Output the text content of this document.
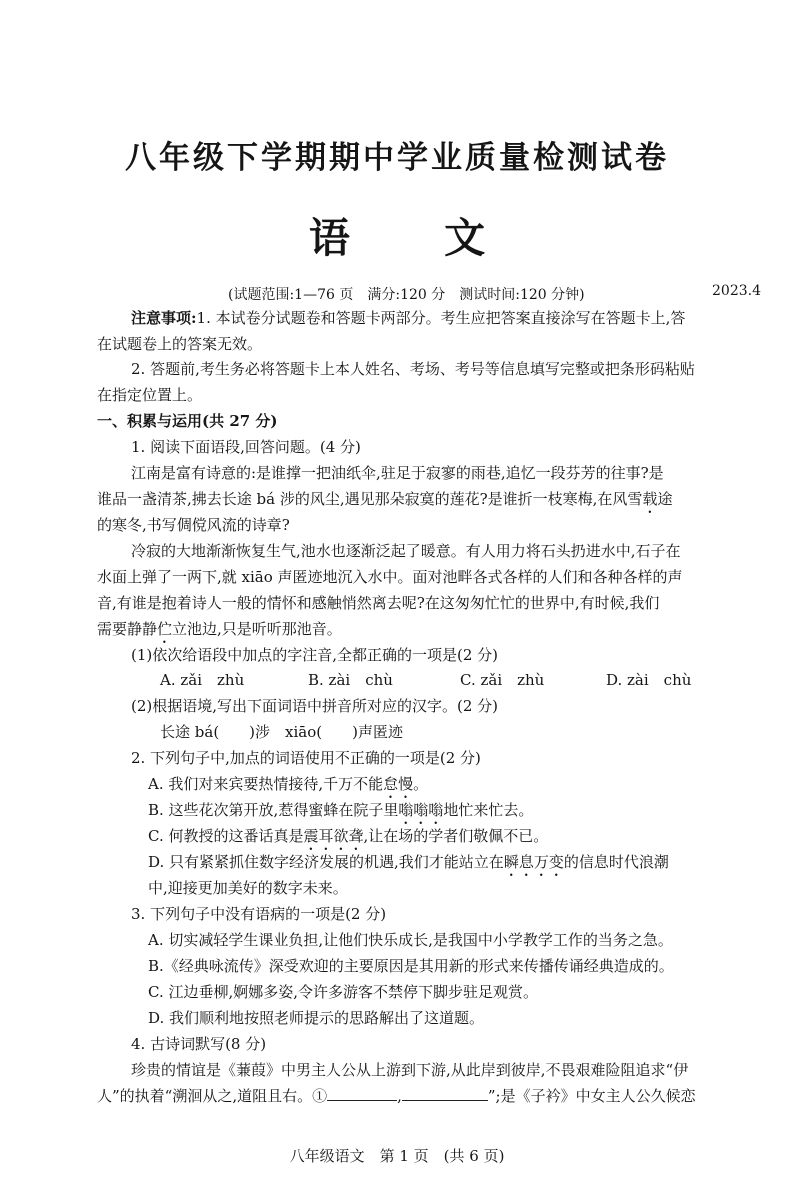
八年级下学期期中学业质量检测试卷
语 文
(试题范围:1—76 页　满分:120 分　测试时间:120 分钟)	2023.4
注意事项:1. 本试卷分试题卷和答题卡两部分。考生应把答案直接涂写在答题卡上,答
在试题卷上的答案无效。
2. 答题前,考生务必将答题卡上本人姓名、考场、考号等信息填写完整或把条形码粘贴
在指定位置上。
一、积累与运用(共 27 分)
1. 阅读下面语段,回答问题。(4 分)
江南是富有诗意的:是谁撑一把油纸伞,驻足于寂寥的雨巷,追忆一段芬芳的往事?是
谁品一盏清茶,拂去长途 bá 涉的风尘,遇见那朵寂寞的莲花?是谁折一枝寒梅,在风雪载途
的寒冬,书写倜傥风流的诗章?
冷寂的大地渐渐恢复生气,池水也逐渐泛起了暖意。有人用力将石头扔进水中,石子在
水面上弹了一两下,就 xiāo 声匿迹地沉入水中。面对池畔各式各样的人们和各种各样的声
音,有谁是抱着诗人一般的情怀和感触悄然离去呢?在这匆匆忙忙的世界中,有时候,我们
需要静静伫立池边,只是听听那池音。
(1)依次给语段中加点的字注音,全都正确的一项是(2 分)
A. zǎi　zhù	B. zài　chù	C. zǎi　zhù	D. zài　chù
(2)根据语境,写出下面词语中拼音所对应的汉字。(2 分)
长途 bá(　　)涉　xiāo(　　)声匿迹
2. 下列句子中,加点的词语使用不正确的一项是(2 分)
A. 我们对来宾要热情接待,千万不能怠慢。
B. 这些花次第开放,惹得蜜蜂在院子里嗡嗡嗡地忙来忙去。
C. 何教授的这番话真是震耳欲聋,让在场的学者们敬佩不已。
D. 只有紧紧抓住数字经济发展的机遇,我们才能站立在瞬息万变的信息时代浪潮
中,迎接更加美好的数字未来。
3. 下列句子中没有语病的一项是(2 分)
A. 切实减轻学生课业负担,让他们快乐成长,是我国中小学教学工作的当务之急。
B.《经典咏流传》深受欢迎的主要原因是其用新的形式来传播传诵经典造成的。
C. 江边垂柳,婀娜多姿,令许多游客不禁停下脚步驻足观赏。
D. 我们顺利地按照老师提示的思路解出了这道题。
4. 古诗词默写(8 分)
珍贵的情谊是《蒹葭》中男主人公从上游到下游,从此岸到彼岸,不畏艰难险阻追求“伊
人”的执着“溯洄从之,道阻且右。①	,	”;是《子衿》中女主人公久候恋
八年级语文　第 1 页　(共 6 页)
